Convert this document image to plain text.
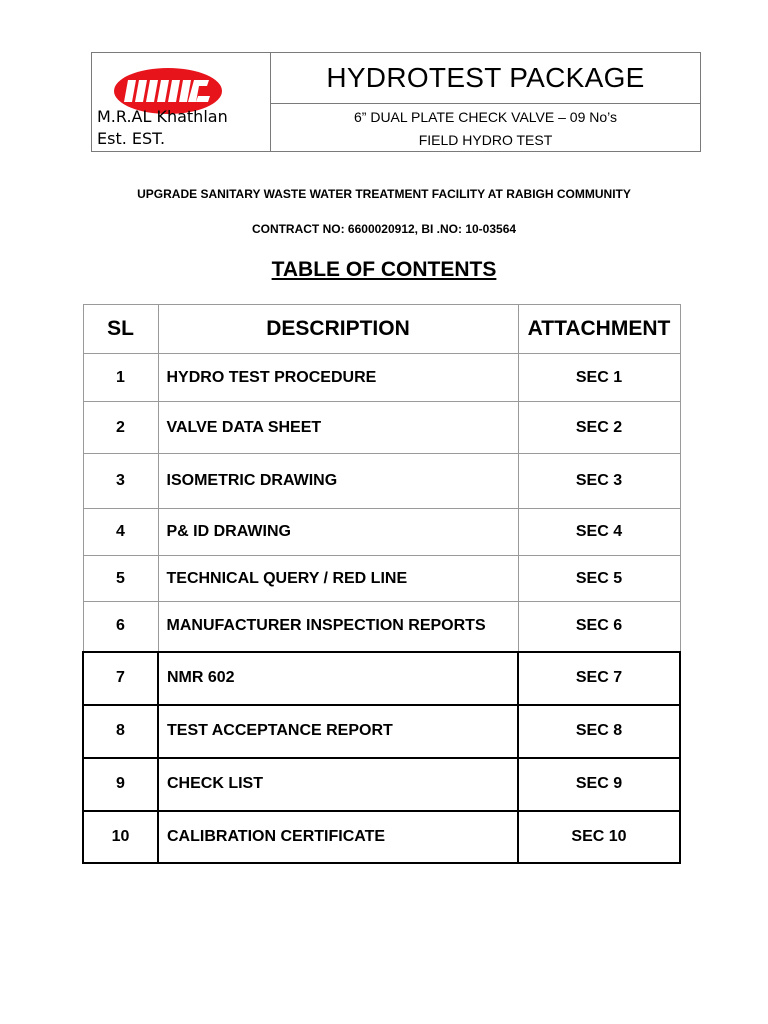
M.R.AL Khathlan
Est. EST.
HYDROTEST PACKAGE
6” DUAL PLATE CHECK VALVE – 09 No’s
FIELD HYDRO TEST
UPGRADE SANITARY WASTE WATER TREATMENT FACILITY AT RABIGH COMMUNITY
CONTRACT NO: 6600020912, BI .NO: 10-03564
TABLE OF CONTENTS
SL	DESCRIPTION	ATTACHMENT
1	HYDRO TEST PROCEDURE	SEC 1
2	VALVE DATA SHEET	SEC 2
3	ISOMETRIC DRAWING	SEC 3
4	P& ID DRAWING	SEC 4
5	TECHNICAL QUERY / RED LINE	SEC 5
6	MANUFACTURER INSPECTION REPORTS	SEC 6
7	NMR 602	SEC 7
8	TEST ACCEPTANCE REPORT	SEC 8
9	CHECK LIST	SEC 9
10	CALIBRATION CERTIFICATE	SEC 10
